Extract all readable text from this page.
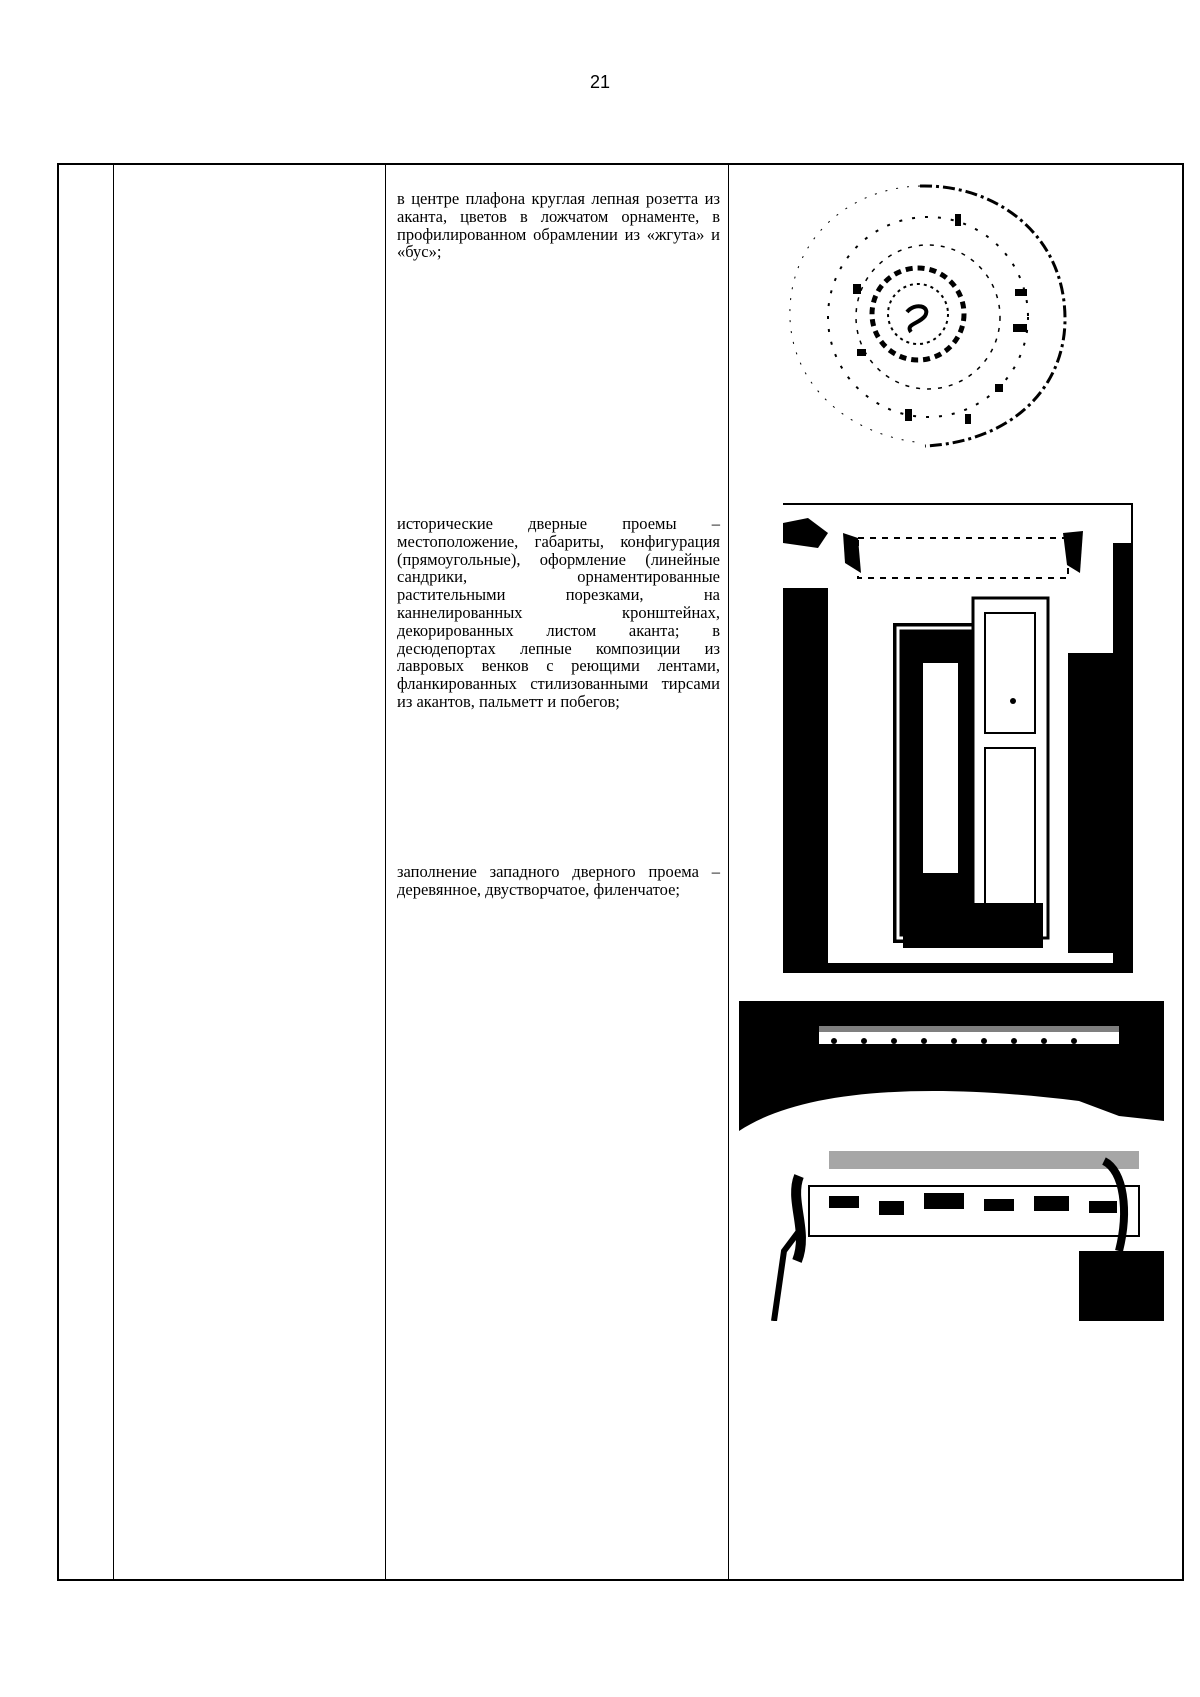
21
в центре плафона круглая лепная розетта из аканта, цветов в ложчатом орнаменте, в профилированном обрамлении из «жгута» и «бус»;
исторические дверные проемы – местоположение, габариты, конфигурация (прямоугольные), оформление (линейные сандрики, орнаментированные растительными порезками, на каннелированных кронштейнах, декорированных листом аканта; в десюдепортах лепные композиции из лавровых венков с реющими лентами, фланкированных стилизованными тирсами из акантов, пальметт и побегов;
заполнение западного дверного проема – деревянное, двустворчатое, филенчатое;
